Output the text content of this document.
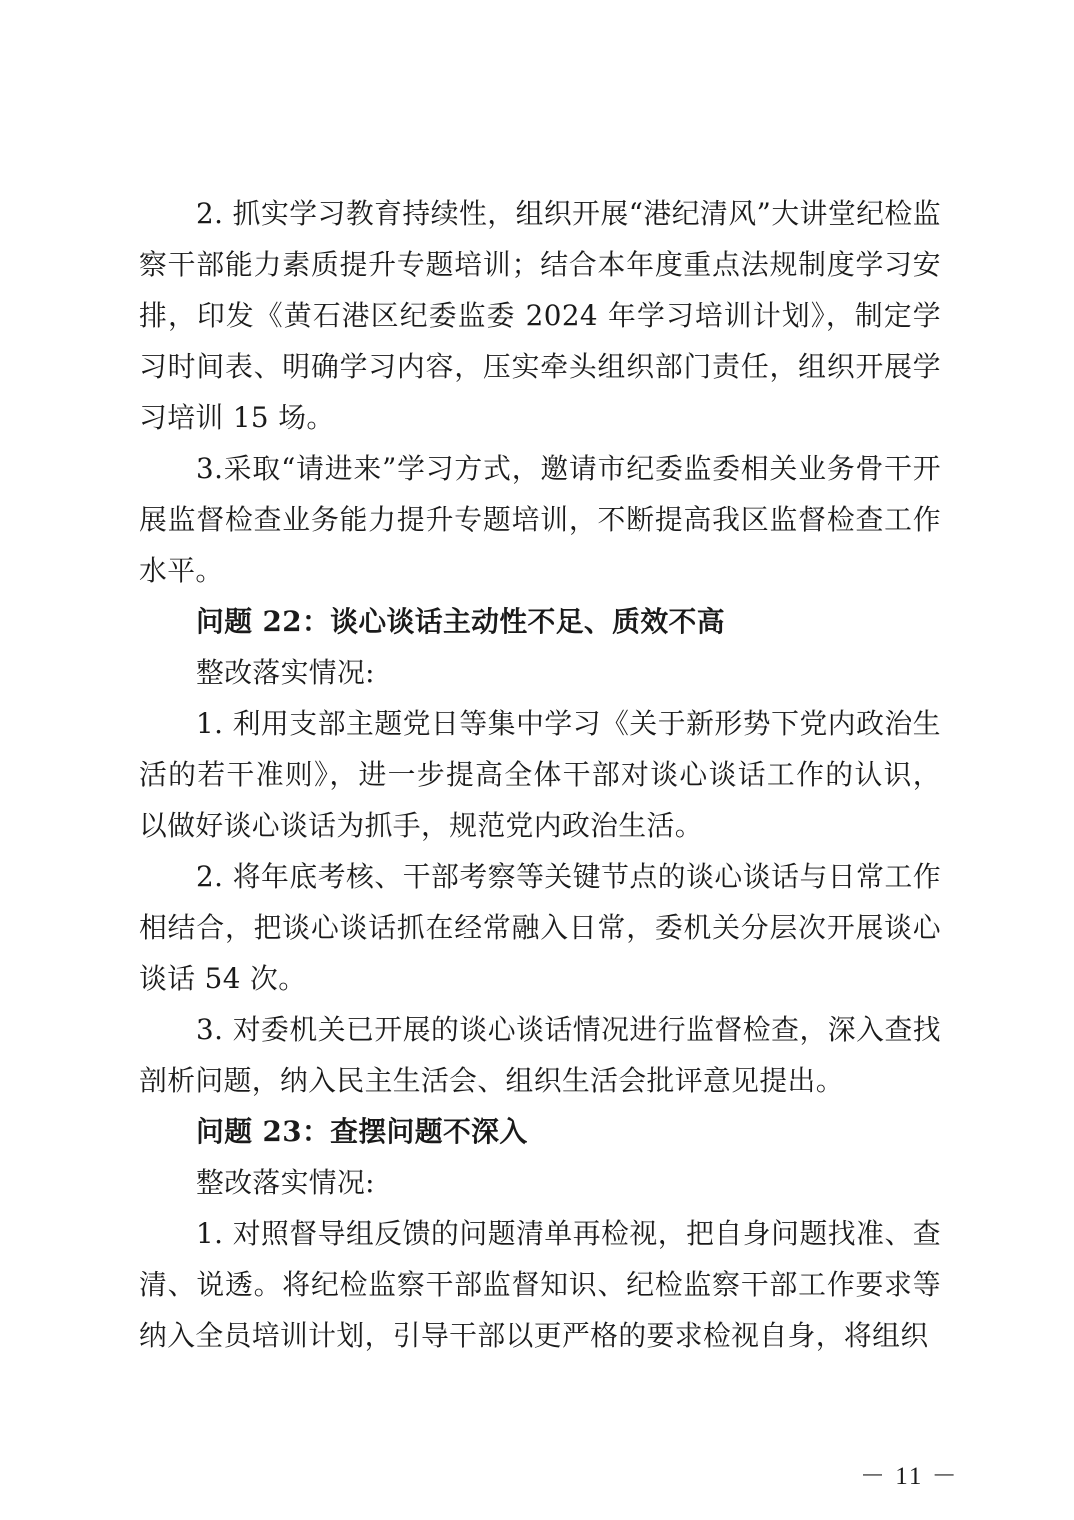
2. 抓实学习教育持续性，组织开展“港纪清风”大讲堂纪检监察干部能力素质提升专题培训；结合本年度重点法规制度学习安排，印发《黄石港区纪委监委 2024 年学习培训计划》，制定学习时间表、明确学习内容，压实牵头组织部门责任，组织开展学习培训 15 场。

3.采取“请进来”学习方式，邀请市纪委监委相关业务骨干开展监督检查业务能力提升专题培训，不断提高我区监督检查工作水平。

问题 22：谈心谈话主动性不足、质效不高

整改落实情况:

1. 利用支部主题党日等集中学习《关于新形势下党内政治生活的若干准则》，进一步提高全体干部对谈心谈话工作的认识，以做好谈心谈话为抓手，规范党内政治生活。

2. 将年底考核、干部考察等关键节点的谈心谈话与日常工作相结合，把谈心谈话抓在经常融入日常，委机关分层次开展谈心谈话 54 次。

3. 对委机关已开展的谈心谈话情况进行监督检查，深入查找剖析问题，纳入民主生活会、组织生活会批评意见提出。

问题 23：查摆问题不深入

整改落实情况:

1. 对照督导组反馈的问题清单再检视，把自身问题找准、查清、说透。将纪检监察干部监督知识、纪检监察干部工作要求等纳入全员培训计划，引导干部以更严格的要求检视自身，将组织

－ 11 －
